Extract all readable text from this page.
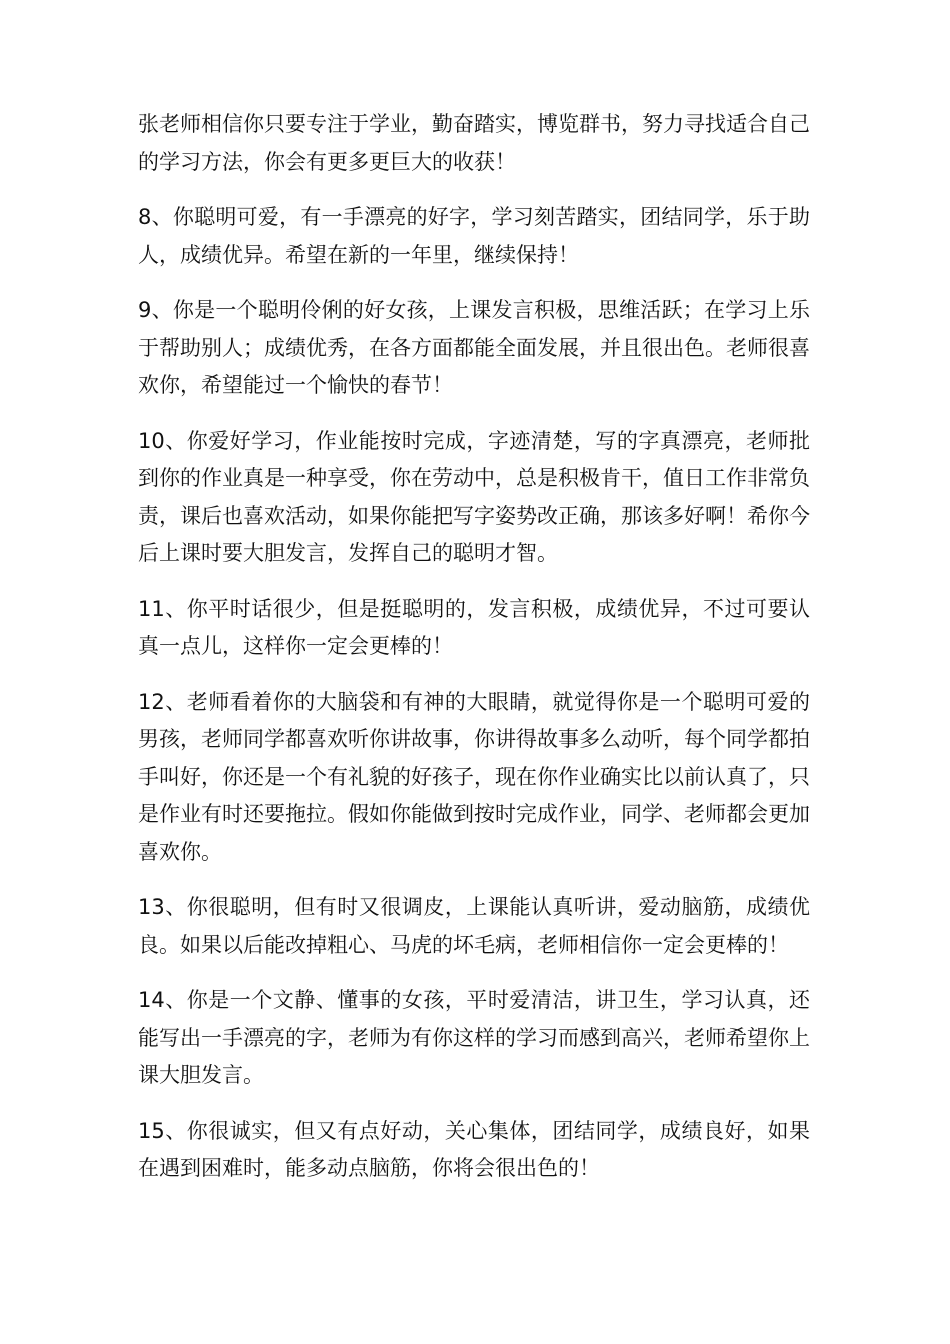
张老师相信你只要专注于学业，勤奋踏实，博览群书，努力寻找适合自己的学习方法，你会有更多更巨大的收获！

8、你聪明可爱，有一手漂亮的好字，学习刻苦踏实，团结同学，乐于助人，成绩优异。希望在新的一年里，继续保持！

9、你是一个聪明伶俐的好女孩，上课发言积极，思维活跃；在学习上乐于帮助别人；成绩优秀，在各方面都能全面发展，并且很出色。老师很喜欢你，希望能过一个愉快的春节！

10、你爱好学习，作业能按时完成，字迹清楚，写的字真漂亮，老师批到你的作业真是一种享受，你在劳动中，总是积极肯干，值日工作非常负责，课后也喜欢活动，如果你能把写字姿势改正确，那该多好啊！希你今后上课时要大胆发言，发挥自己的聪明才智。

11、你平时话很少，但是挺聪明的，发言积极，成绩优异，不过可要认真一点儿，这样你一定会更棒的！

12、老师看着你的大脑袋和有神的大眼睛，就觉得你是一个聪明可爱的男孩，老师同学都喜欢听你讲故事，你讲得故事多么动听，每个同学都拍手叫好，你还是一个有礼貌的好孩子，现在你作业确实比以前认真了，只是作业有时还要拖拉。假如你能做到按时完成作业，同学、老师都会更加喜欢你。

13、你很聪明，但有时又很调皮，上课能认真听讲，爱动脑筋，成绩优良。如果以后能改掉粗心、马虎的坏毛病，老师相信你一定会更棒的！

14、你是一个文静、懂事的女孩，平时爱清洁，讲卫生，学习认真，还能写出一手漂亮的字，老师为有你这样的学习而感到高兴，老师希望你上课大胆发言。

15、你很诚实，但又有点好动，关心集体，团结同学，成绩良好，如果在遇到困难时，能多动点脑筋，你将会很出色的！
